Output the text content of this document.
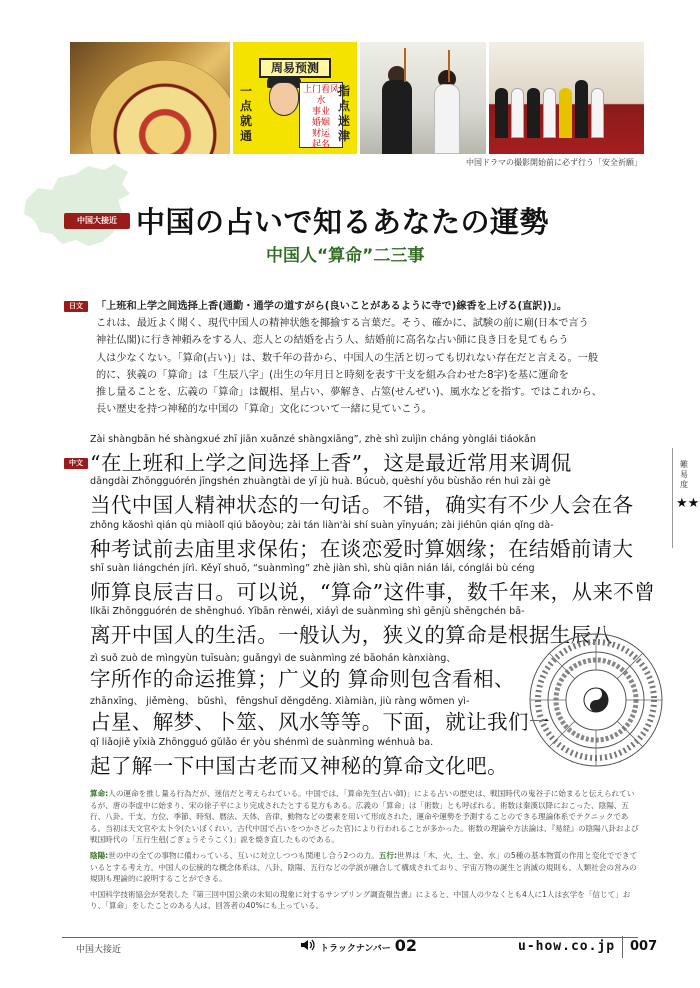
周易预测
一
点
就
通
上门看风水
事业
婚姻
财运
起名
指
点
迷
津
中国ドラマの撮影開始前に必ず行う「安全祈願」
中国大接近 中国の占いで知るあなたの運勢
中国人“算命”二三事
日文	「上班和上学之间选择上香(通勤・通学の道すがら(良いことがあるように寺で)線香を上げる(直訳))」。

これは、最近よく聞く、現代中国人の精神状態を揶揄する言葉だ。そう、確かに、試験の前に廟(日本で言う

神社仏閣)に行き神頼みをする人、恋人との結婚を占う人、結婚前に高名な占い師に良き日を見てもらう

人は少なくない。「算命(占い)」は、数千年の昔から、中国人の生活と切っても切れない存在だと言える。一般

的に、狭義の「算命」は「生辰八字」(出生の年月日と時刻を表す干支を組み合わせた8字)を基に運命を

推し量ることを、広義の「算命」は観相、星占い、夢解き、占筮(せんぜい)、風水などを指す。ではこれから、

長い歴史を持つ神秘的な中国の「算命」文化について一緒に見ていこう。

中文
Zài shàngbān hé shàngxué zhī jiān xuǎnzé shàngxiāng”, zhè shì zuìjìn cháng yònglái tiáokǎn
“在上班和上学之间选择上香”，这是最近常用来调侃
dāngdài Zhōngguórén jīngshén zhuàngtài de yī jù huà. Búcuò, quèshí yǒu bùshǎo rén huì zài gè
当代中国人精神状态的一句话。不错，确实有不少人会在各
zhǒng kǎoshì qián qù miàolǐ qiú bǎoyòu; zài tán liàn'ài shí suàn yīnyuán; zài jiéhūn qián qǐng dà-
种考试前去庙里求保佑；在谈恋爱时算姻缘；在结婚前请大
shī suàn liángchén jírì. Kěyǐ shuō, “suànmìng” zhè jiàn shì, shù qiān nián lái, cónglái bù céng
师算良辰吉日。可以说，“算命”这件事，数千年来，从来不曾
líkāi Zhōngguórén de shēnghuó. Yībān rènwéi, xiáyì de suànmìng shì gēnjù shēngchén bā-
离开中国人的生活。一般认为，狭义的算命是根据生辰八
zì suǒ zuò de mìngyùn tuīsuàn; guǎngyì de suànmìng zé bāohán kànxiàng、
字所作的命运推算；广义的 算命则包含看相、
zhānxīng、 jiěmèng、 bǔshì、 fēngshuǐ děngděng. Xiàmiàn, jiù ràng wǒmen yì-
占星、解梦、卜筮、风水等等。下面，就让我们一
qǐ liǎojiě yīxià Zhōngguó gǔlǎo ér yòu shénmì de suànmìng wénhuà ba.
起了解一下中国古老而又神秘的算命文化吧。

算命:人の運命を推し量る行為だが、迷信だと考えられている。中国では、「算命先生(占い師)」による占いの歴史は、戦国時代の鬼谷子に始まると伝えられているが、唐の李虚中に始まり、宋の徐子平により完成されたとする見方もある。広義の「算命」は「術数」とも呼ばれる。術数は秦漢以降におこった、陰陽、五行、八卦、干支、方位、季節、時刻、暦法、天体、音律、動物などの要素を用いて形成された、運命や運勢を予測することのできる理論体系でテクニックである。当初は天文官や太卜令(たいぼくれい。古代中国で占いをつかさどった官)により行われることが多かった。術数の理論や方法論は、『易経』の陰陽八卦および戦国時代の「五行生剋(ごぎょうそうこく)」説を焼き直したものである。

陰陽:世の中の全ての事物に備わっている、互いに対立しつつも関連し合う2つの力。五行:世界は「木、火、土、金、水」の5種の基本物質の作用と変化でできているとする考え方。中国人の伝統的な概念体系は、八卦、陰陽、五行などの学説が融合して構成されており、宇宙万物の誕生と消滅の規則も、人類社会の営みの規則も理論的に説明することができる。

中国科学技術協会が発表した『第三回中国公衆の未知の現象に対するサンプリング調査報告書』によると、中国人の少なくとも4人に1人は玄学を「信じて」おり、「算命」をしたことのある人は、回答者の40%にも上っている。

難易度
★★
中国大接近	トラックナンバー 02	u-how.co.jp 007
